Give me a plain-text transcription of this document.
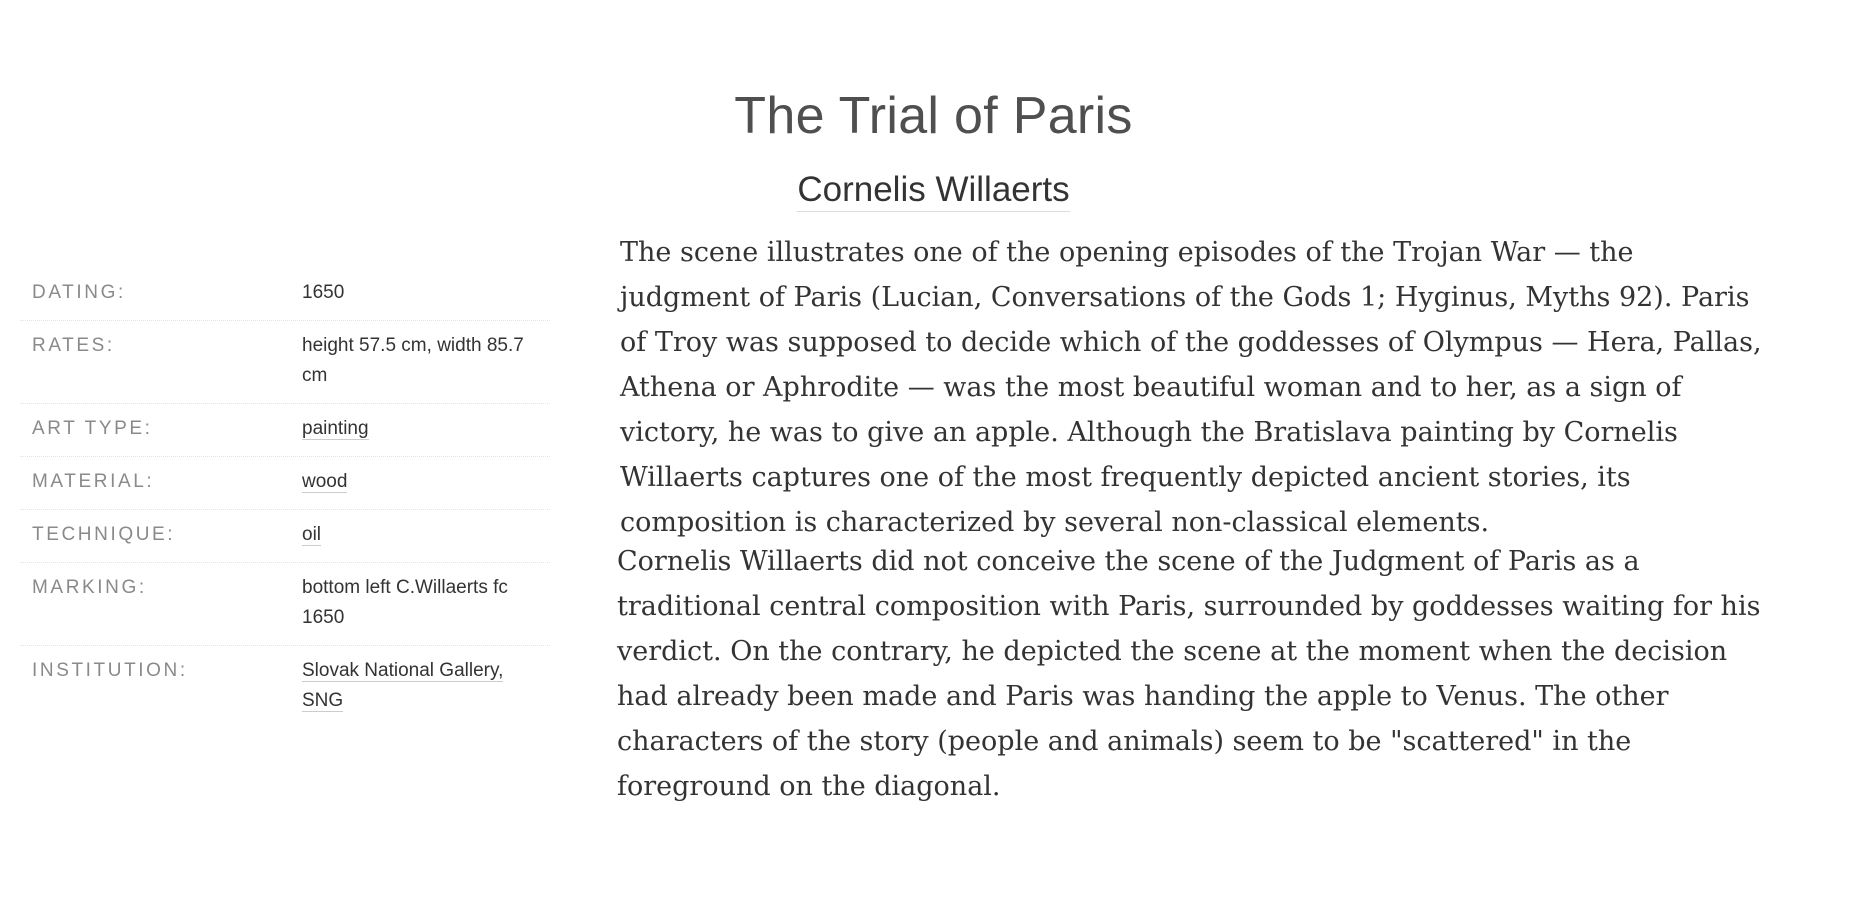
The Trial of Paris
Cornelis Willaerts
DATING:	1650
RATES:	height 57.5 cm, width 85.7 cm
ART TYPE:	painting
MATERIAL:	wood
TECHNIQUE:	oil
MARKING:	bottom left C.Willaerts fc 1650
INSTITUTION:	Slovak National Gallery, SNG

The scene illustrates one of the opening episodes of the Trojan War — the judgment of Paris (Lucian, Conversations of the Gods 1; Hyginus, Myths 92). Paris of Troy was supposed to decide which of the goddesses of Olympus — Hera, Pallas, Athena or Aphrodite — was the most beautiful woman and to her, as a sign of victory, he was to give an apple. Although the Bratislava painting by Cornelis Willaerts captures one of the most frequently depicted ancient stories, its composition is characterized by several non-classical elements.

Cornelis Willaerts did not conceive the scene of the Judgment of Paris as a traditional central composition with Paris, surrounded by goddesses waiting for his verdict. On the contrary, he depicted the scene at the moment when the decision had already been made and Paris was handing the apple to Venus. The other characters of the story (people and animals) seem to be "scattered" in the foreground on the diagonal.
